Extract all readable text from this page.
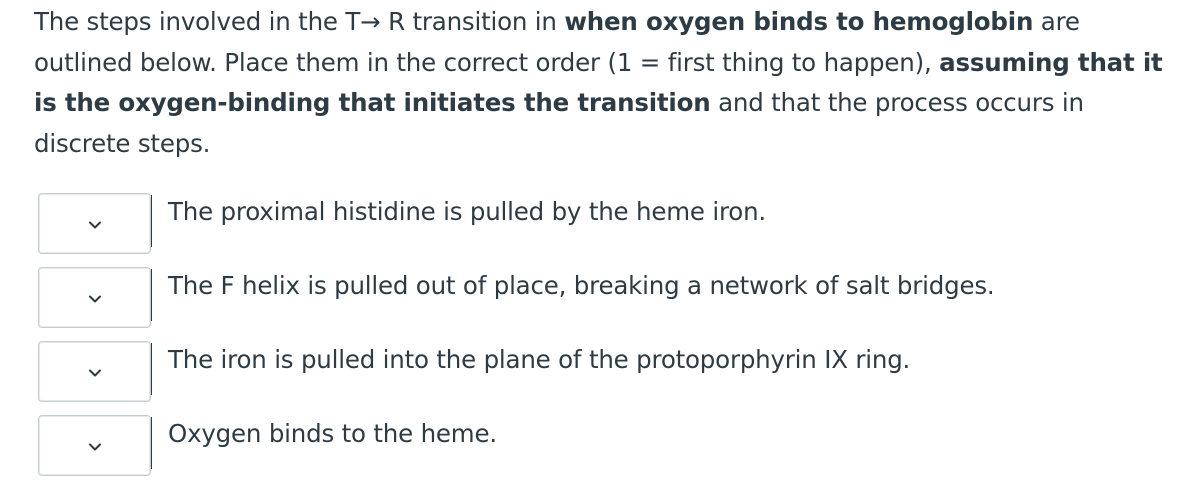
The steps involved in the T→ R transition in when oxygen binds to hemoglobin are outlined below. Place them in the correct order (1 = first thing to happen), assuming that it is the oxygen-binding that initiates the transition and that the process occurs in discrete steps.
The proximal histidine is pulled by the heme iron.
The F helix is pulled out of place, breaking a network of salt bridges.
The iron is pulled into the plane of the protoporphyrin IX ring.
Oxygen binds to the heme.
